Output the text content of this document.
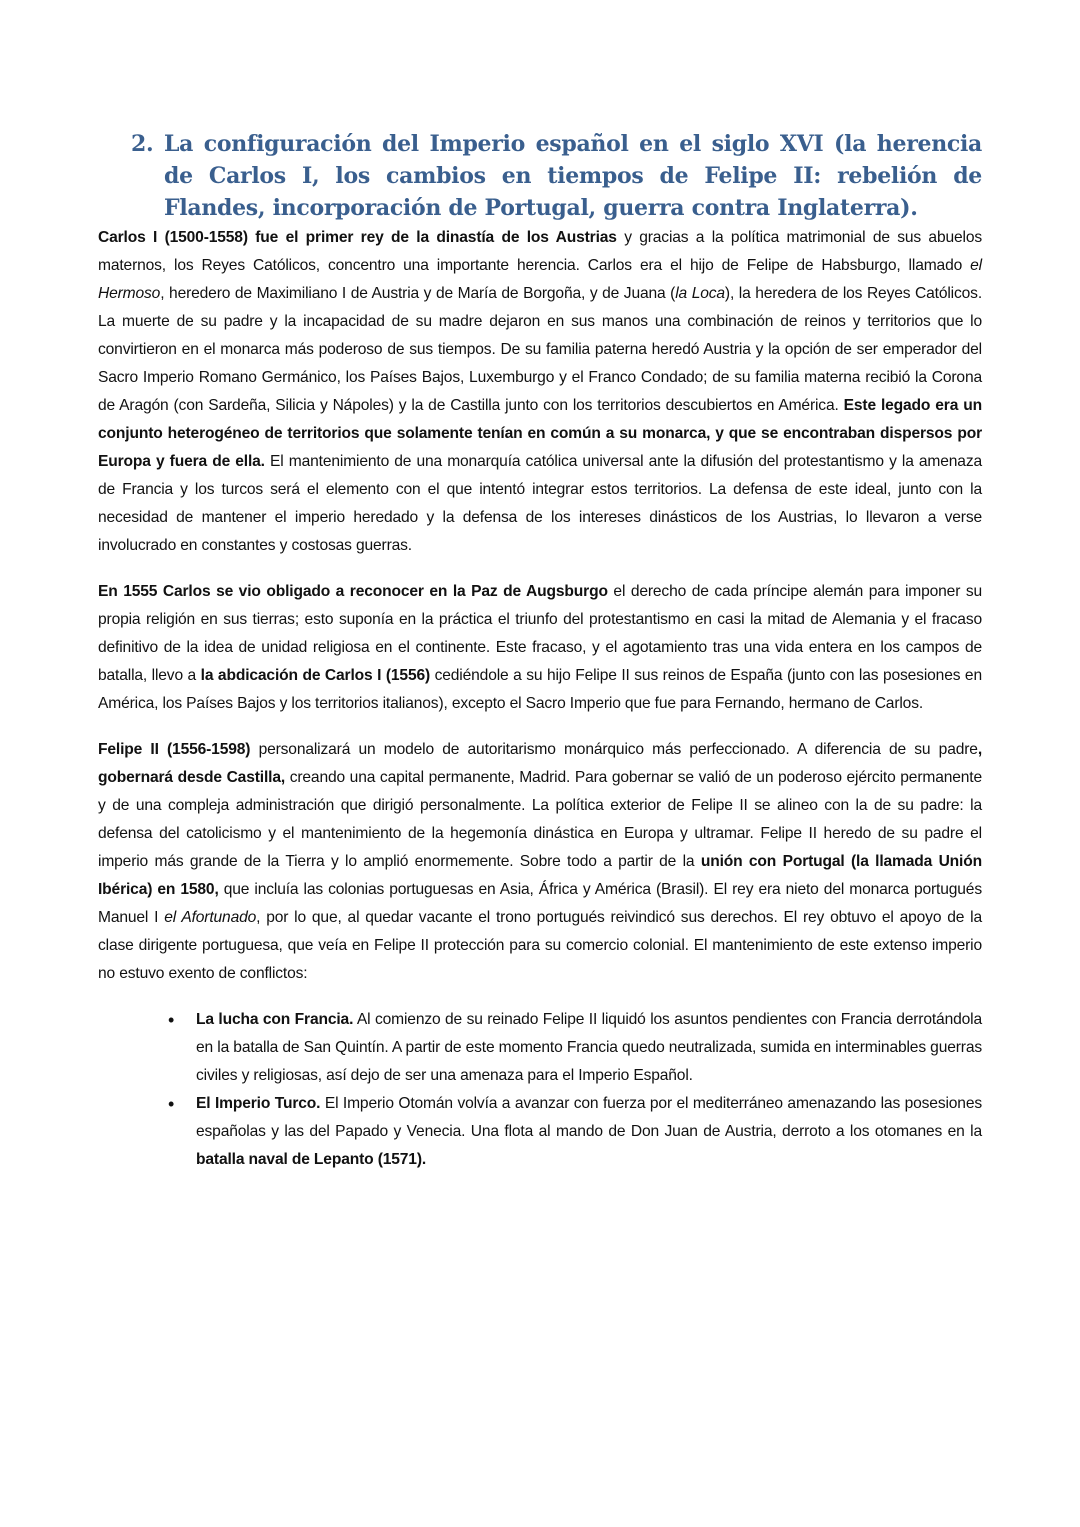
2. La configuración del Imperio español en el siglo XVI (la herencia de Carlos I, los cambios en tiempos de Felipe II: rebelión de Flandes, incorporación de Portugal, guerra contra Inglaterra).

Carlos I (1500-1558) fue el primer rey de la dinastía de los Austrias y gracias a la política matrimonial de sus abuelos maternos, los Reyes Católicos, concentro una importante herencia. Carlos era el hijo de Felipe de Habsburgo, llamado el Hermoso, heredero de Maximiliano I de Austria y de María de Borgoña, y de Juana (la Loca), la heredera de los Reyes Católicos. La muerte de su padre y la incapacidad de su madre dejaron en sus manos una combinación de reinos y territorios que lo convirtieron en el monarca más poderoso de sus tiempos. De su familia paterna heredó Austria y la opción de ser emperador del Sacro Imperio Romano Germánico, los Países Bajos, Luxemburgo y el Franco Condado; de su familia materna recibió la Corona de Aragón (con Sardeña, Silicia y Nápoles) y la de Castilla junto con los territorios descubiertos en América. Este legado era un conjunto heterogéneo de territorios que solamente tenían en común a su monarca, y que se encontraban dispersos por Europa y fuera de ella. El mantenimiento de una monarquía católica universal ante la difusión del protestantismo y la amenaza de Francia y los turcos será el elemento con el que intentó integrar estos territorios. La defensa de este ideal, junto con la necesidad de mantener el imperio heredado y la defensa de los intereses dinásticos de los Austrias, lo llevaron a verse involucrado en constantes y costosas guerras.

En 1555 Carlos se vio obligado a reconocer en la Paz de Augsburgo el derecho de cada príncipe alemán para imponer su propia religión en sus tierras; esto suponía en la práctica el triunfo del protestantismo en casi la mitad de Alemania y el fracaso definitivo de la idea de unidad religiosa en el continente. Este fracaso, y el agotamiento tras una vida entera en los campos de batalla, llevo a la abdicación de Carlos I (1556) cediéndole a su hijo Felipe II sus reinos de España (junto con las posesiones en América, los Países Bajos y los territorios italianos), excepto el Sacro Imperio que fue para Fernando, hermano de Carlos.

Felipe II (1556-1598) personalizará un modelo de autoritarismo monárquico más perfeccionado. A diferencia de su padre, gobernará desde Castilla, creando una capital permanente, Madrid. Para gobernar se valió de un poderoso ejército permanente y de una compleja administración que dirigió personalmente. La política exterior de Felipe II se alineo con la de su padre: la defensa del catolicismo y el mantenimiento de la hegemonía dinástica en Europa y ultramar. Felipe II heredo de su padre el imperio más grande de la Tierra y lo amplió enormemente. Sobre todo a partir de la unión con Portugal (la llamada Unión Ibérica) en 1580, que incluía las colonias portuguesas en Asia, África y América (Brasil). El rey era nieto del monarca portugués Manuel I el Afortunado, por lo que, al quedar vacante el trono portugués reivindicó sus derechos. El rey obtuvo el apoyo de la clase dirigente portuguesa, que veía en Felipe II protección para su comercio colonial. El mantenimiento de este extenso imperio no estuvo exento de conflictos:

• La lucha con Francia. Al comienzo de su reinado Felipe II liquidó los asuntos pendientes con Francia derrotándola en la batalla de San Quintín. A partir de este momento Francia quedo neutralizada, sumida en interminables guerras civiles y religiosas, así dejo de ser una amenaza para el Imperio Español.
• El Imperio Turco. El Imperio Otomán volvía a avanzar con fuerza por el mediterráneo amenazando las posesiones españolas y las del Papado y Venecia. Una flota al mando de Don Juan de Austria, derroto a los otomanes en la batalla naval de Lepanto (1571).
